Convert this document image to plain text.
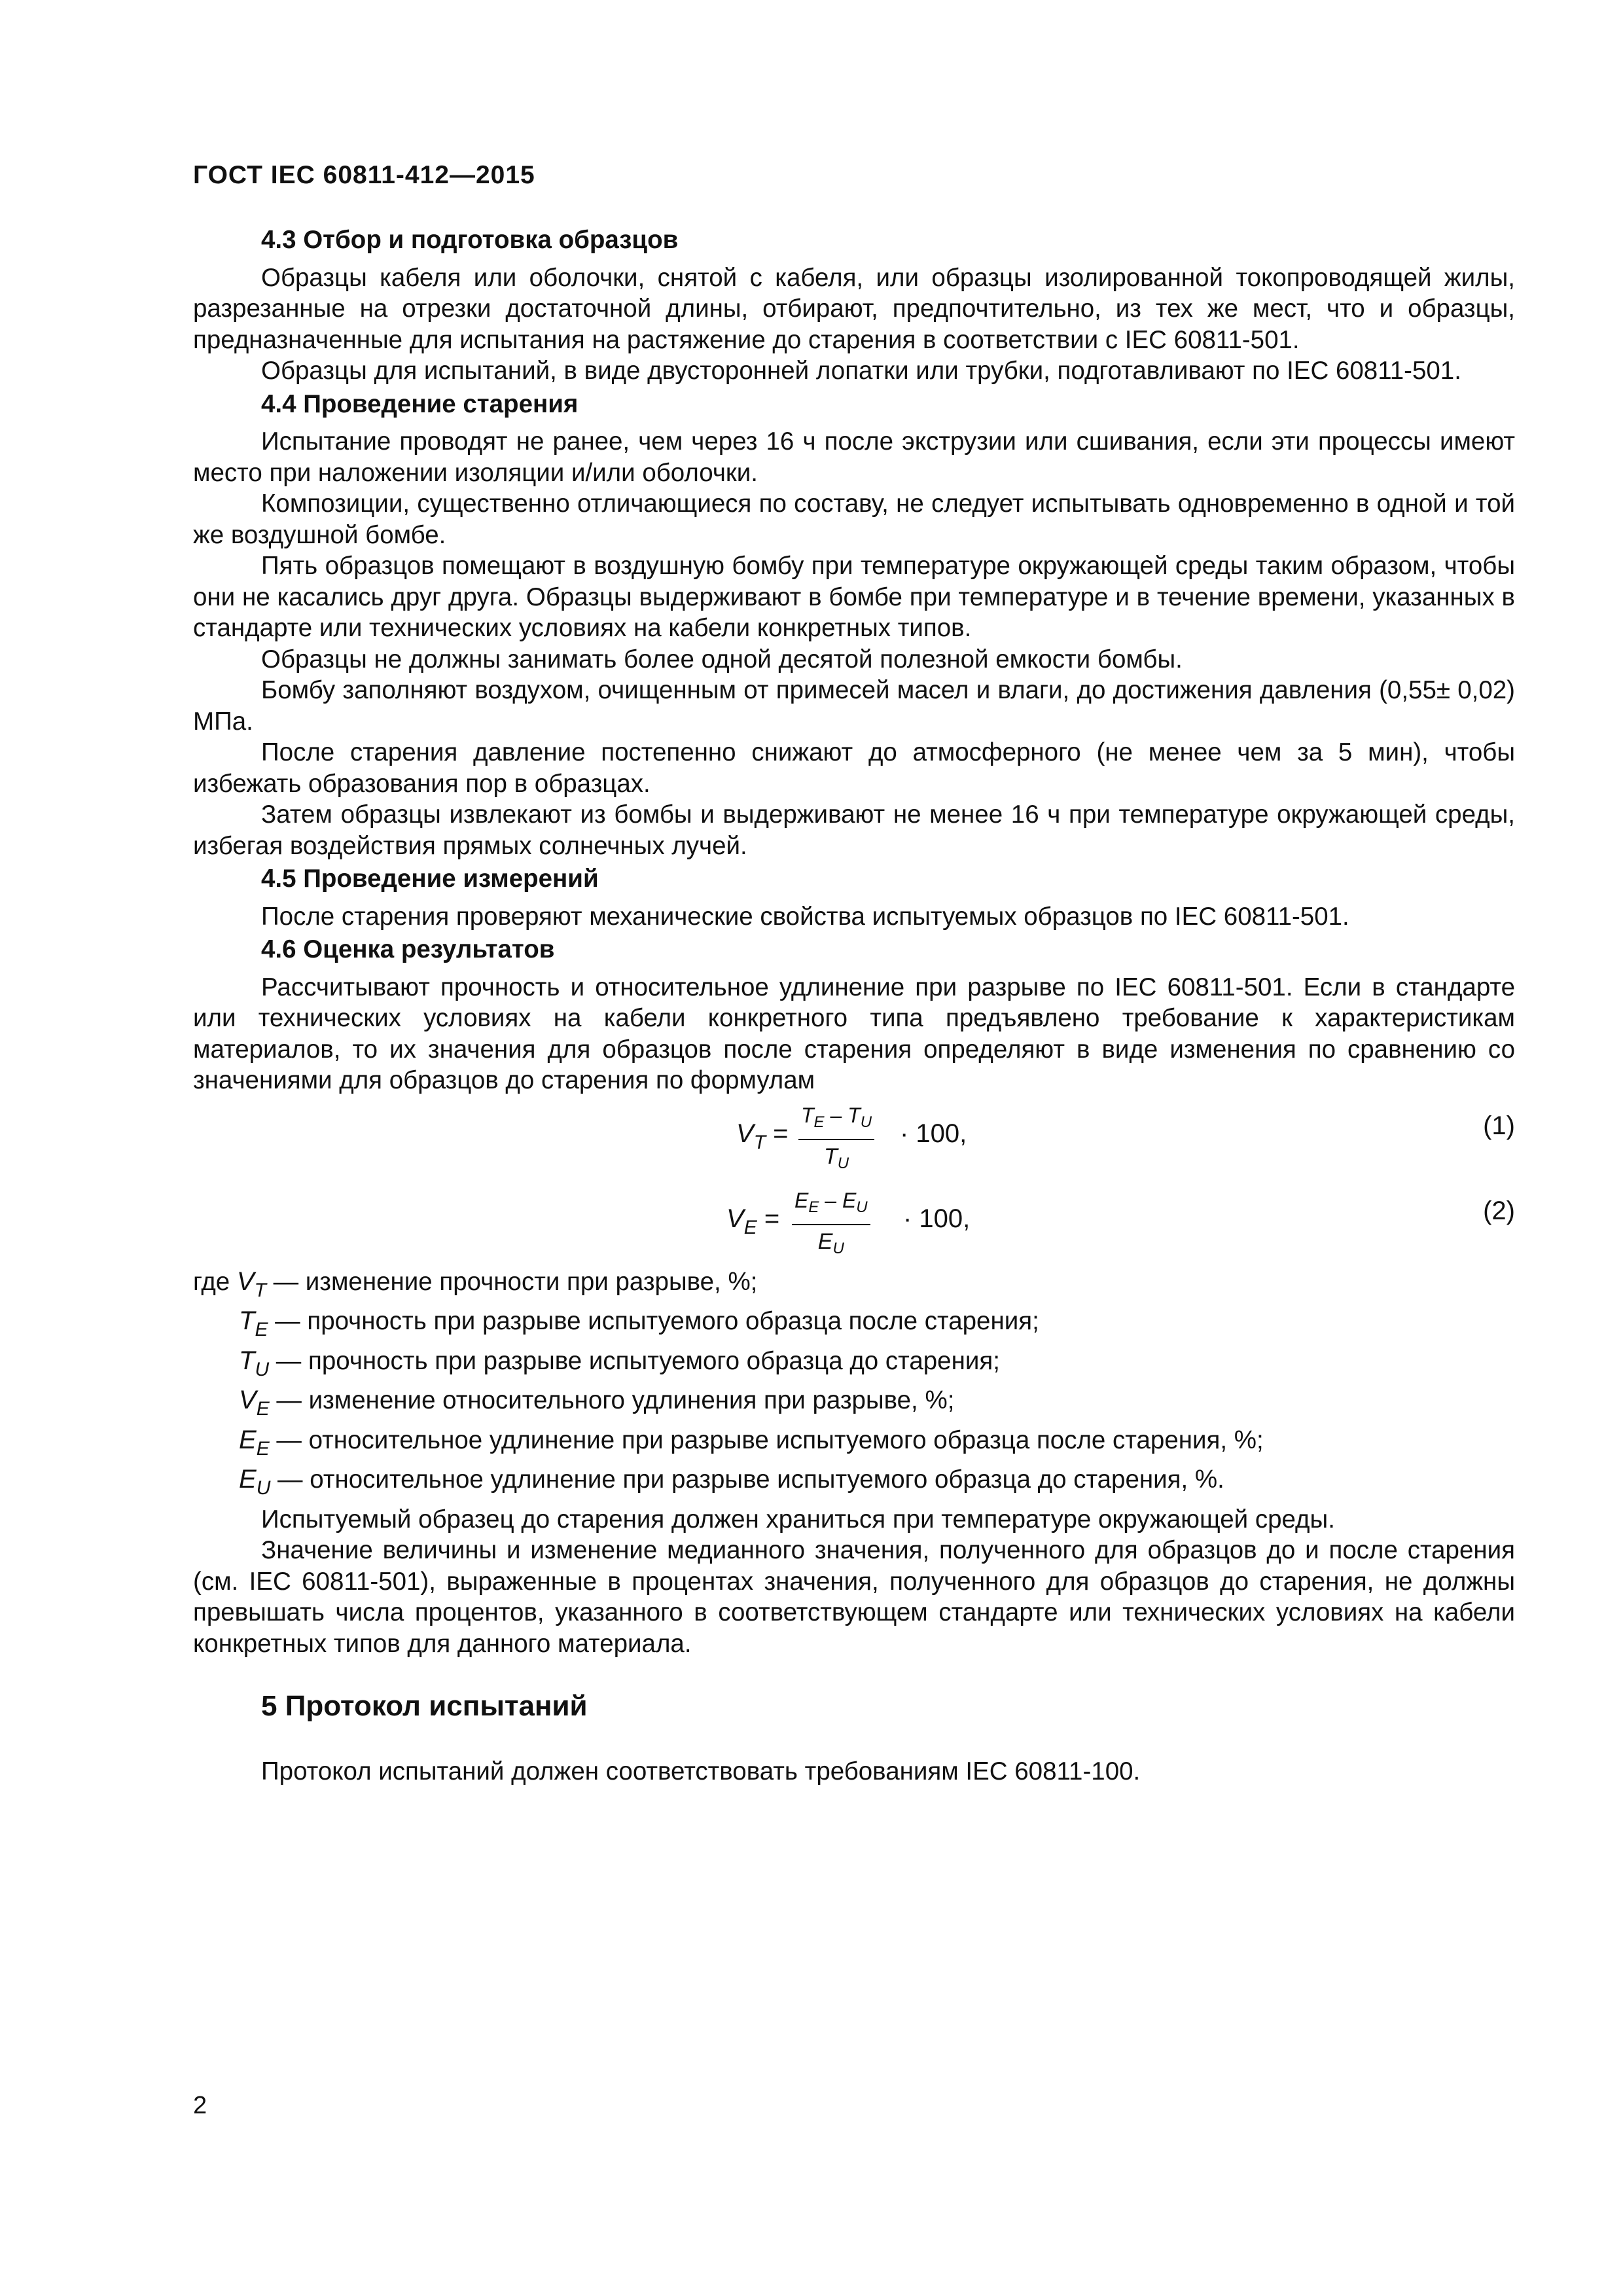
ГОСТ IEC 60811-412—2015
4.3 Отбор и подготовка образцов

Образцы кабеля или оболочки, снятой с кабеля, или образцы изолированной токопроводящей жилы, разрезанные на отрезки достаточной длины, отбирают, предпочтительно, из тех же мест, что и образцы, предназначенные для испытания на растяжение до старения в соответствии с IEC 60811-501.

Образцы для испытаний, в виде двусторонней лопатки или трубки, подготавливают по IEC 60811-501.

4.4 Проведение старения

Испытание проводят не ранее, чем через 16 ч после экструзии или сшивания, если эти процессы имеют место при наложении изоляции и/или оболочки.

Композиции, существенно отличающиеся по составу, не следует испытывать одновременно в одной и той же воздушной бомбе.

Пять образцов помещают в воздушную бомбу при температуре окружающей среды таким образом, чтобы они не касались друг друга. Образцы выдерживают в бомбе при температуре и в течение времени, указанных в стандарте или технических условиях на кабели конкретных типов.

Образцы не должны занимать более одной десятой полезной емкости бомбы.

Бомбу заполняют воздухом, очищенным от примесей масел и влаги, до достижения давления (0,55± 0,02) МПа.

После старения давление постепенно снижают до атмосферного (не менее чем за 5 мин), чтобы избежать образования пор в образцах.

Затем образцы извлекают из бомбы и выдерживают не менее 16 ч при температуре окружающей среды, избегая воздействия прямых солнечных лучей.

4.5 Проведение измерений

После старения проверяют механические свойства испытуемых образцов по IEC 60811-501.

4.6 Оценка результатов

Рассчитывают прочность и относительное удлинение при разрыве по IEC 60811-501. Если в стандарте или технических условиях на кабели конкретного типа предъявлено требование к характеристикам материалов, то их значения для образцов после старения определяют в виде изменения по сравнению со значениями для образцов до старения по формулам

$V_T = \frac{T_E - T_U}{T_U} \cdot 100$,	(1)
$V_E = \frac{E_E - E_U}{E_U} \cdot 100$,	(2)
где $V_T$ — изменение прочности при разрыве, %;
$T_E$ — прочность при разрыве испытуемого образца после старения;
$T_U$ — прочность при разрыве испытуемого образца до старения;
$V_E$ — изменение относительного удлинения при разрыве, %;
$E_E$ — относительное удлинение при разрыве испытуемого образца после старения, %;
$E_U$ — относительное удлинение при разрыве испытуемого образца до старения, %.

Испытуемый образец до старения должен храниться при температуре окружающей среды.

Значение величины и изменение медианного значения, полученного для образцов до и после старения (см. IEC 60811-501), выраженные в процентах значения, полученного для образцов до старения, не должны превышать числа процентов, указанного в соответствующем стандарте или технических условиях на кабели конкретных типов для данного материала.

5 Протокол испытаний

Протокол испытаний должен соответствовать требованиям IEC 60811-100.

2
